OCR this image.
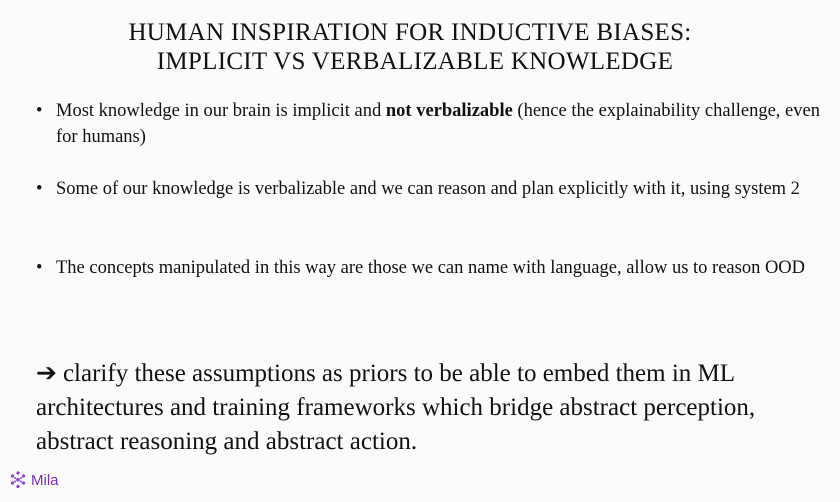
HUMAN INSPIRATION FOR INDUCTIVE BIASES:
IMPLICIT VS VERBALIZABLE KNOWLEDGE
• Most knowledge in our brain is implicit and not verbalizable (hence the explainability challenge, even for humans)
• Some of our knowledge is verbalizable and we can reason and plan explicitly with it, using system 2
• The concepts manipulated in this way are those we can name with language, allow us to reason OOD
➔ clarify these assumptions as priors to be able to embed them in ML architectures and training frameworks which bridge abstract perception, abstract reasoning and abstract action.
Mila
